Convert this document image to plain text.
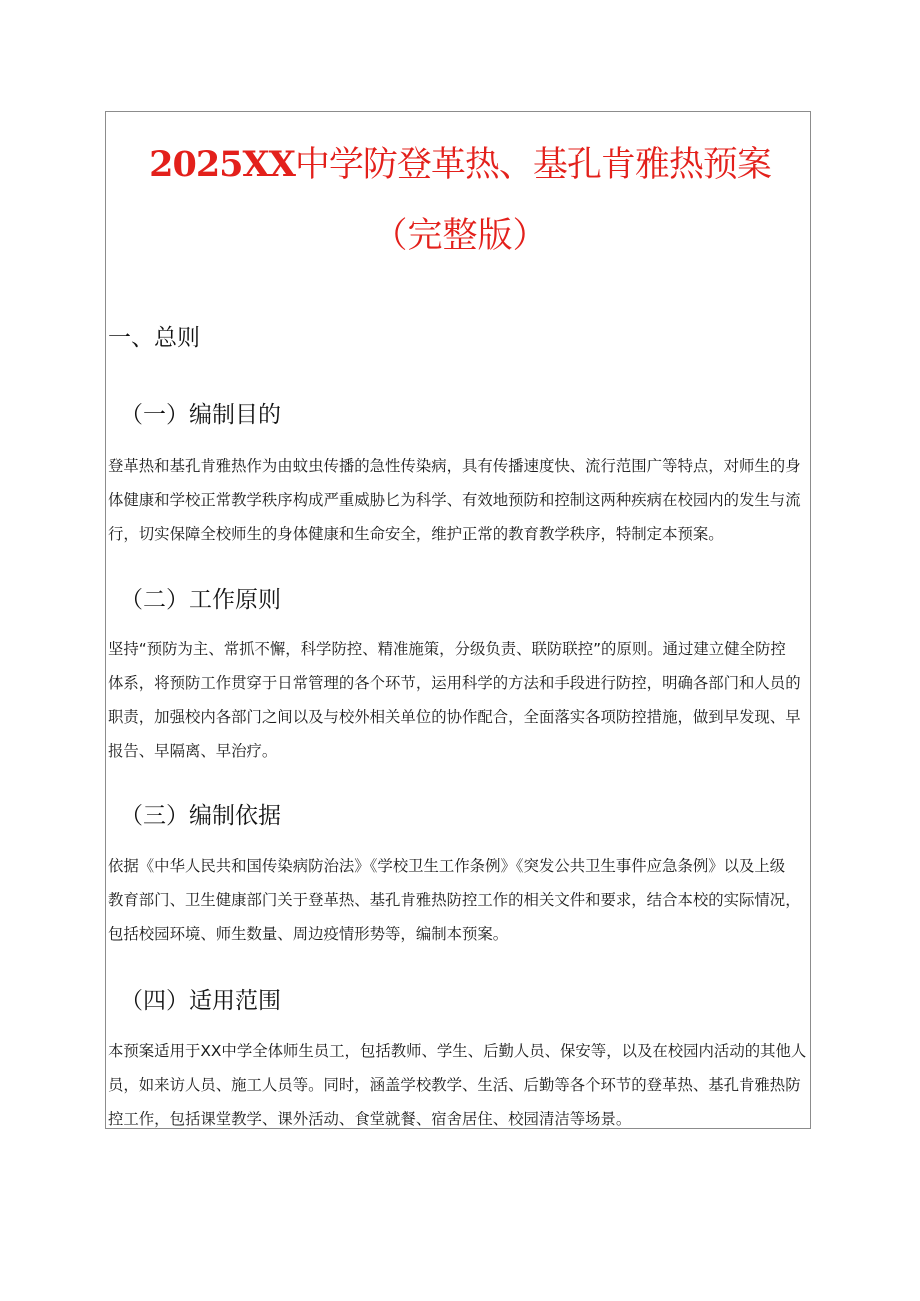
2025XX中学防登革热、基孔肯雅热预案
（完整版）
一、总则
（一）编制目的
登革热和基孔肯雅热作为由蚊虫传播的急性传染病，具有传播速度快、流行范围广等特点，对师生的身
体健康和学校正常教学秩序构成严重威胁匕为科学、有效地预防和控制这两种疾病在校园内的发生与流
行，切实保障全校师生的身体健康和生命安全，维护正常的教育教学秩序，特制定本预案。
（二）工作原则
坚持“预防为主、常抓不懈，科学防控、精准施策，分级负责、联防联控”的原则。通过建立健全防控
体系，将预防工作贯穿于日常管理的各个环节，运用科学的方法和手段进行防控，明确各部门和人员的
职责，加强校内各部门之间以及与校外相关单位的协作配合，全面落实各项防控措施，做到早发现、早
报告、早隔离、早治疗。
（三）编制依据
依据《中华人民共和国传染病防治法》《学校卫生工作条例》《突发公共卫生事件应急条例》以及上级
教育部门、卫生健康部门关于登革热、基孔肯雅热防控工作的相关文件和要求，结合本校的实际情况，
包括校园环境、师生数量、周边疫情形势等，编制本预案。
（四）适用范围
本预案适用于XX中学全体师生员工，包括教师、学生、后勤人员、保安等，以及在校园内活动的其他人
员，如来访人员、施工人员等。同时，涵盖学校教学、生活、后勤等各个环节的登革热、基孔肯雅热防
控工作，包括课堂教学、课外活动、食堂就餐、宿舍居住、校园清洁等场景。
